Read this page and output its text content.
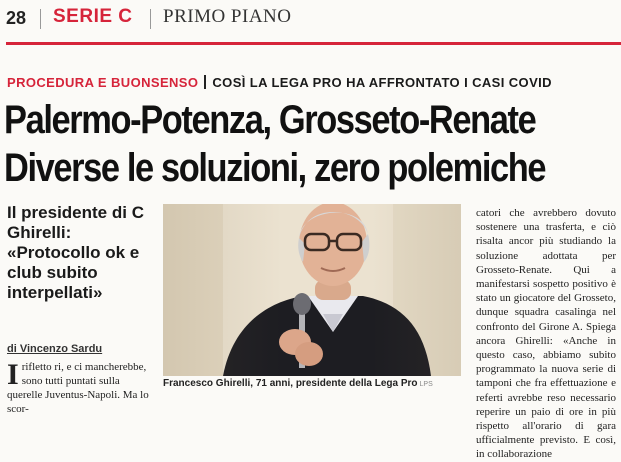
28 SERIE C PRIMO PIANO
PROCEDURA E BUONSENSO COSÌ LA LEGA PRO HA AFFRONTATO I CASI COVID
Palermo-Potenza, Grosseto-Renate
Diverse le soluzioni, zero polemiche

Il presidente di C Ghirelli: «Protocollo ok e club subito interpellati»

di Vincenzo Sardu

Irifletto ri, e ci mancherebbe, sono tutti puntati sulla querelle Juventus-Napoli. Ma lo scor-

Francesco Ghirelli, 71 anni, presidente della Lega Pro LPS

catori che avrebbero dovuto sostenere una trasferta, e ciò risalta ancor più studiando la soluzione adottata per Grosseto-Renate. Qui a manifestarsi sospetto positivo è stato un giocatore del Grosseto, dunque squadra casalinga nel confronto del Girone A. Spiega ancora Ghirelli: «Anche in questo caso, abbiamo subito programmato la nuova serie di tamponi che fra effettuazione e referti avrebbe reso necessario reperire un paio di ore in più rispetto all'orario di gara ufficialmente previsto. E così, in collaborazione
